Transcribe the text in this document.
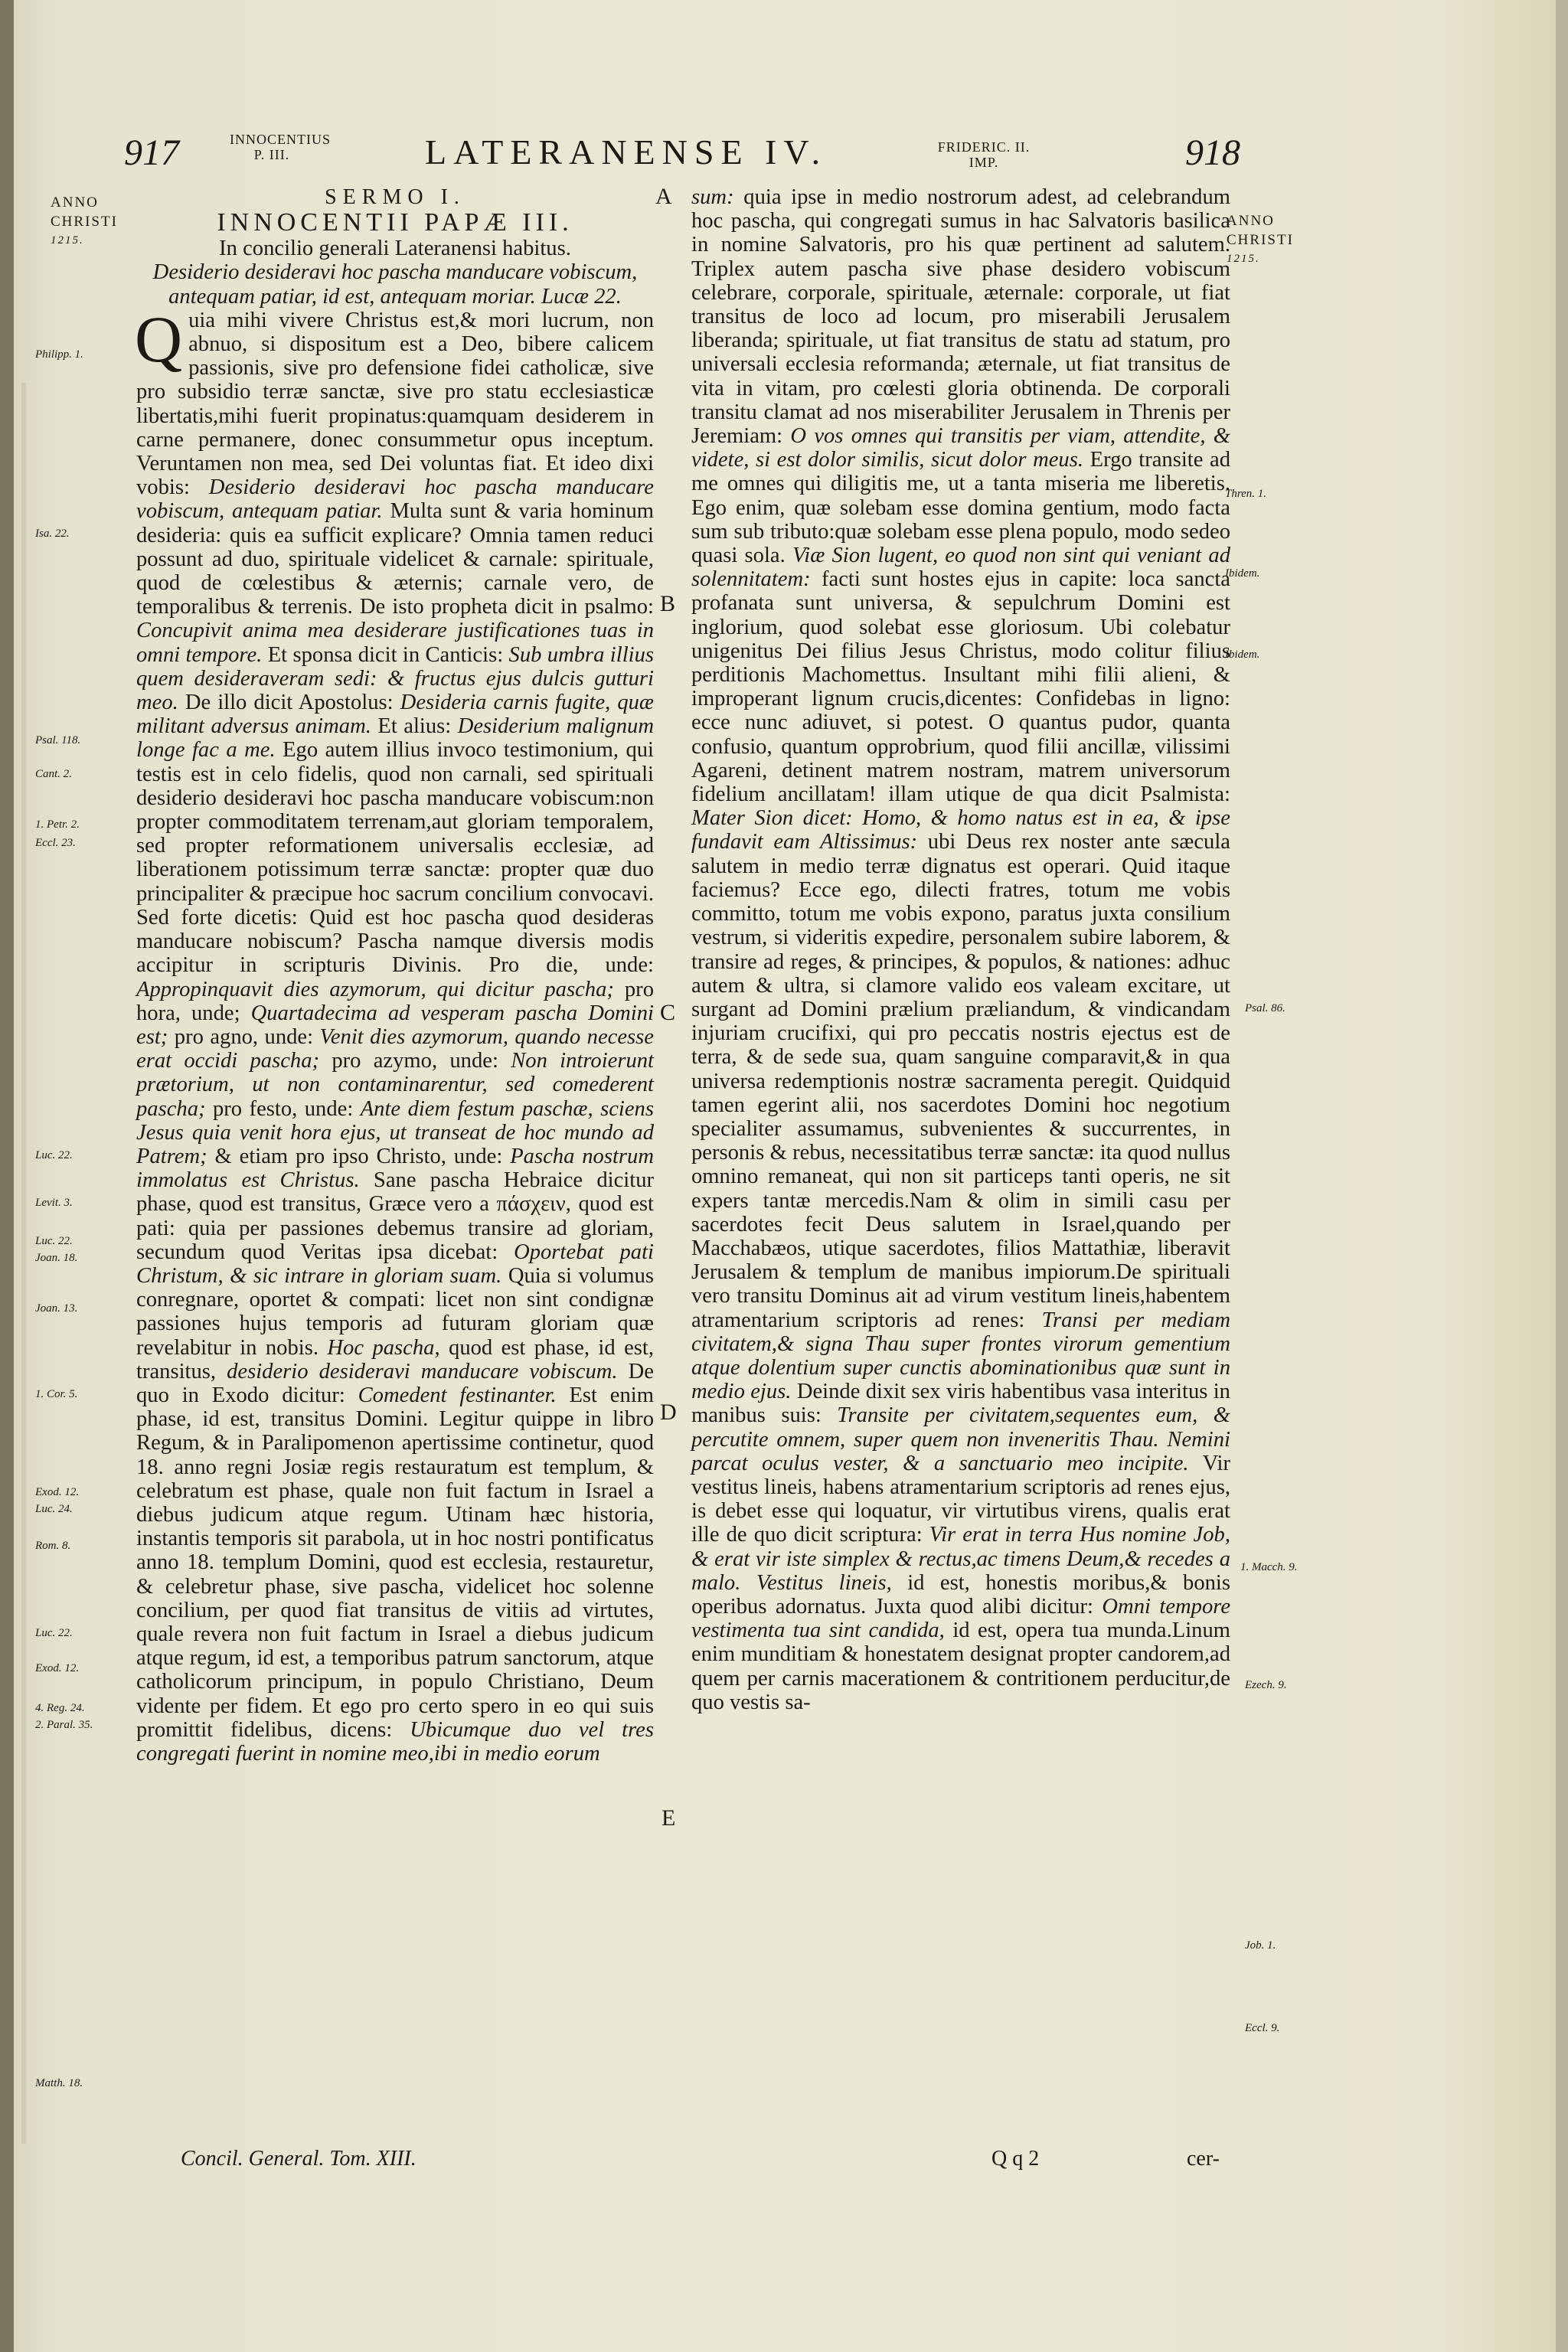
917	INNOCENTIUS
P. III.	LATERANENSE IV.	FRIDERIC. II.
IMP.	918
ANNO
CHRISTI
1215.
ANNO
CHRISTI
1215.
Philipp. 1.
Isa. 22.
Psal. 118.
Cant. 2.
1. Petr. 2.
Eccl. 23.
Luc. 22.
Levit. 3.
Luc. 22.
Joan. 18.
Joan. 13.
1. Cor. 5.
Exod. 12.
Luc. 24.
Rom. 8.
Luc. 22.
Exod. 12.
4. Reg. 24.
2. Paral. 35.
Matth. 18.
Thren. 1.
Ibidem.
Ibidem.
Psal. 86.
1. Macch. 9.
Ezech. 9.
Job. 1.
Eccl. 9.
A
B
C
D
E

SERMO I.

INNOCENTII PAPÆ III.

In concilio generali Lateranensi habitus.

Desiderio desideravi hoc pascha manducare vobiscum, antequam patiar, id est, antequam moriar. Lucæ 22.

Quia mihi vivere Christus est,& mori lucrum, non abnuo, si dispositum est a Deo, bibere calicem passionis, sive pro defensione fidei catholicæ, sive pro subsidio terræ sanctæ, sive pro statu ecclesiasticæ libertatis,mihi fuerit propinatus:quamquam desiderem in carne permanere, donec consummetur opus inceptum. Veruntamen non mea, sed Dei voluntas fiat. Et ideo dixi vobis: Desiderio desideravi hoc pascha manducare vobiscum, antequam patiar. Multa sunt & varia hominum desideria: quis ea sufficit explicare? Omnia tamen reduci possunt ad duo, spirituale videlicet & carnale: spirituale, quod de cœlestibus & æternis; carnale vero, de temporalibus & terrenis. De isto propheta dicit in psalmo: Concupivit anima mea desiderare justificationes tuas in omni tempore. Et sponsa dicit in Canticis: Sub umbra illius quem desideraveram sedi: & fructus ejus dulcis gutturi meo. De illo dicit Apostolus: Desideria carnis fugite, quæ militant adversus animam. Et alius: Desiderium malignum longe fac a me. Ego autem illius invoco testimonium, qui testis est in celo fidelis, quod non carnali, sed spirituali desiderio desideravi hoc pascha manducare vobiscum:non propter commoditatem terrenam,aut gloriam temporalem, sed propter reformationem universalis ecclesiæ, ad liberationem potissimum terræ sanctæ: propter quæ duo principaliter & præcipue hoc sacrum concilium convocavi. Sed forte dicetis: Quid est hoc pascha quod desideras manducare nobiscum? Pascha namque diversis modis accipitur in scripturis Divinis. Pro die, unde: Appropinquavit dies azymorum, qui dicitur pascha; pro hora, unde; Quartadecima ad vesperam pascha Domini est; pro agno, unde: Venit dies azymorum, quando necesse erat occidi pascha; pro azymo, unde: Non introierunt prætorium, ut non contaminarentur, sed comederent pascha; pro festo, unde: Ante diem festum paschæ, sciens Jesus quia venit hora ejus, ut transeat de hoc mundo ad Patrem; & etiam pro ipso Christo, unde: Pascha nostrum immolatus est Christus. Sane pascha Hebraice dicitur phase, quod est transitus, Græce vero a πάσχειν, quod est pati: quia per passiones debemus transire ad gloriam, secundum quod Veritas ipsa dicebat: Oportebat pati Christum, & sic intrare in gloriam suam. Quia si volumus conregnare, oportet & compati: licet non sint condignæ passiones hujus temporis ad futuram gloriam quæ revelabitur in nobis. Hoc pascha, quod est phase, id est, transitus, desiderio desideravi manducare vobiscum. De quo in Exodo dicitur: Comedent festinanter. Est enim phase, id est, transitus Domini. Legitur quippe in libro Regum, & in Paralipomenon apertissime continetur, quod 18. anno regni Josiæ regis restauratum est templum, & celebratum est phase, quale non fuit factum in Israel a diebus judicum atque regum. Utinam hæc historia, instantis temporis sit parabola, ut in hoc nostri pontificatus anno 18. templum Domini, quod est ecclesia, restauretur, & celebretur phase, sive pascha, videlicet hoc solenne concilium, per quod fiat transitus de vitiis ad virtutes, quale revera non fuit factum in Israel a diebus judicum atque regum, id est, a temporibus patrum sanctorum, atque catholicorum principum, in populo Christiano, Deum vidente per fidem. Et ego pro certo spero in eo qui suis promittit fidelibus, dicens: Ubicumque duo vel tres congregati fuerint in nomine meo,ibi in medio eorum

sum: quia ipse in medio nostrorum adest, ad celebrandum hoc pascha, qui congregati sumus in hac Salvatoris basilica in nomine Salvatoris, pro his quæ pertinent ad salutem. Triplex autem pascha sive phase desidero vobiscum celebrare, corporale, spirituale, æternale: corporale, ut fiat transitus de loco ad locum, pro miserabili Jerusalem liberanda; spirituale, ut fiat transitus de statu ad statum, pro universali ecclesia reformanda; æternale, ut fiat transitus de vita in vitam, pro cœlesti gloria obtinenda. De corporali transitu clamat ad nos miserabiliter Jerusalem in Threnis per Jeremiam: O vos omnes qui transitis per viam, attendite, & videte, si est dolor similis, sicut dolor meus. Ergo transite ad me omnes qui diligitis me, ut a tanta miseria me liberetis. Ego enim, quæ solebam esse domina gentium, modo facta sum sub tributo:quæ solebam esse plena populo, modo sedeo quasi sola. Viæ Sion lugent, eo quod non sint qui veniant ad solennitatem: facti sunt hostes ejus in capite: loca sancta profanata sunt universa, & sepulchrum Domini est inglorium, quod solebat esse gloriosum. Ubi colebatur unigenitus Dei filius Jesus Christus, modo colitur filius perditionis Machomettus. Insultant mihi filii alieni, & improperant lignum crucis,dicentes: Confidebas in ligno: ecce nunc adiuvet, si potest. O quantus pudor, quanta confusio, quantum opprobrium, quod filii ancillæ, vilissimi Agareni, detinent matrem nostram, matrem universorum fidelium ancillatam! illam utique de qua dicit Psalmista: Mater Sion dicet: Homo, & homo natus est in ea, & ipse fundavit eam Altissimus: ubi Deus rex noster ante sæcula salutem in medio terræ dignatus est operari. Quid itaque faciemus? Ecce ego, dilecti fratres, totum me vobis committo, totum me vobis expono, paratus juxta consilium vestrum, si videritis expedire, personalem subire laborem, & transire ad reges, & principes, & populos, & nationes: adhuc autem & ultra, si clamore valido eos valeam excitare, ut surgant ad Domini prælium præliandum, & vindicandam injuriam crucifixi, qui pro peccatis nostris ejectus est de terra, & de sede sua, quam sanguine comparavit,& in qua universa redemptionis nostræ sacramenta peregit. Quidquid tamen egerint alii, nos sacerdotes Domini hoc negotium specialiter assumamus, subvenientes & succurrentes, in personis & rebus, necessitatibus terræ sanctæ: ita quod nullus omnino remaneat, qui non sit particeps tanti operis, ne sit expers tantæ mercedis.Nam & olim in simili casu per sacerdotes fecit Deus salutem in Israel,quando per Macchabæos, utique sacerdotes, filios Mattathiæ, liberavit Jerusalem & templum de manibus impiorum.De spirituali vero transitu Dominus ait ad virum vestitum lineis,habentem atramentarium scriptoris ad renes: Transi per mediam civitatem,& signa Thau super frontes virorum gementium atque dolentium super cunctis abominationibus quæ sunt in medio ejus. Deinde dixit sex viris habentibus vasa interitus in manibus suis: Transite per civitatem,sequentes eum, & percutite omnem, super quem non inveneritis Thau. Nemini parcat oculus vester, & a sanctuario meo incipite. Vir vestitus lineis, habens atramentarium scriptoris ad renes ejus, is debet esse qui loquatur, vir virtutibus virens, qualis erat ille de quo dicit scriptura: Vir erat in terra Hus nomine Job, & erat vir iste simplex & rectus,ac timens Deum,& recedes a malo. Vestitus lineis, id est, honestis moribus,& bonis operibus adornatus. Juxta quod alibi dicitur: Omni tempore vestimenta tua sint candida, id est, opera tua munda.Linum enim munditiam & honestatem designat propter candorem,ad quem per carnis macerationem & contritionem perducitur,de quo vestis sa-

Concil. General. Tom. XIII.	Q q 2	cer-
